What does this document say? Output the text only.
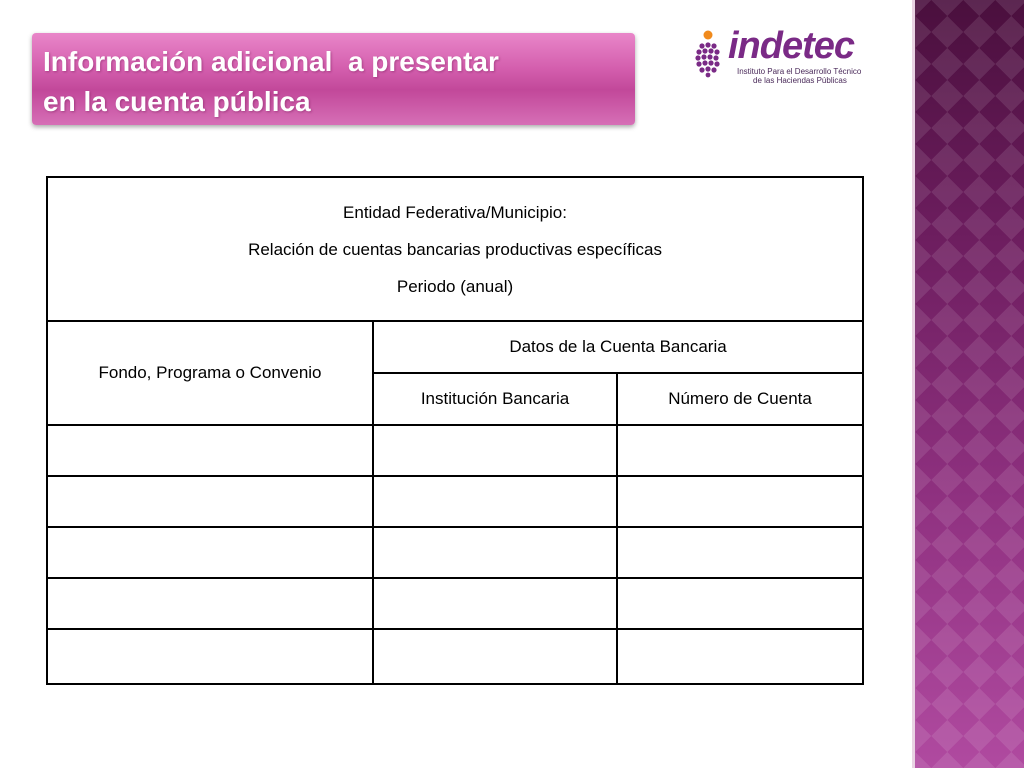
Información adicional  a presentar
en la cuenta pública
indetec
Instituto Para el Desarrollo Técnico
de las Haciendas Públicas
Entidad Federativa/Municipio:
Relación de cuentas bancarias productivas específicas
Periodo (anual)		

Fondo, Programa o Convenio	Datos de la Cuenta Bancaria	
	Institución Bancaria	Número de Cuenta
